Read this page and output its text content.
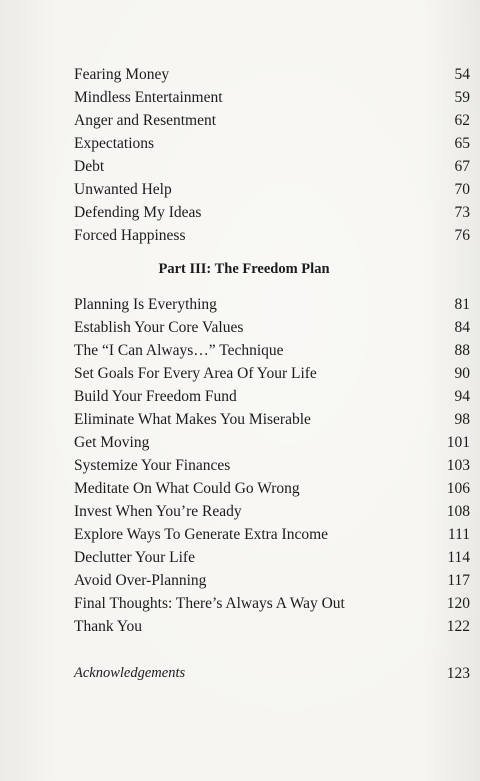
Fearing Money	54
Mindless Entertainment	59
Anger and Resentment	62
Expectations	65
Debt	67
Unwanted Help	70
Defending My Ideas	73
Forced Happiness	76
Part III: The Freedom Plan
Planning Is Everything	81
Establish Your Core Values	84
The “I Can Always…” Technique	88
Set Goals For Every Area Of Your Life	90
Build Your Freedom Fund	94
Eliminate What Makes You Miserable	98
Get Moving	101
Systemize Your Finances	103
Meditate On What Could Go Wrong	106
Invest When You’re Ready	108
Explore Ways To Generate Extra Income	111
Declutter Your Life	114
Avoid Over-Planning	117
Final Thoughts: There’s Always A Way Out	120
Thank You	122
Acknowledgements	123
